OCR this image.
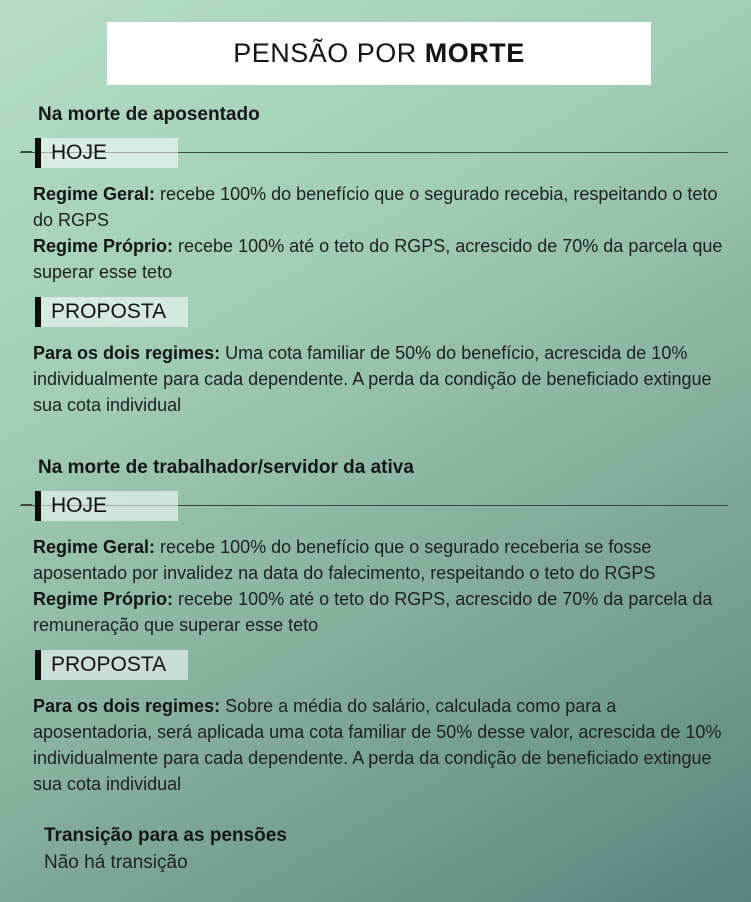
PENSÃO POR MORTE
Na morte de aposentado
HOJE

Regime Geral: recebe 100% do benefício que o segurado recebia, respeitando o teto do RGPS

Regime Próprio: recebe 100% até o teto do RGPS, acrescido de 70% da parcela que superar esse teto

PROPOSTA

Para os dois regimes: Uma cota familiar de 50% do benefício, acrescida de 10% individualmente para cada dependente. A perda da condição de beneficiado extingue sua cota individual

Na morte de trabalhador/servidor da ativa
HOJE

Regime Geral: recebe 100% do benefício que o segurado receberia se fosse aposentado por invalidez na data do falecimento, respeitando o teto do RGPS

Regime Próprio: recebe 100% até o teto do RGPS, acrescido de 70% da parcela da remuneração que superar esse teto

PROPOSTA

Para os dois regimes: Sobre a média do salário, calculada como para a aposentadoria, será aplicada uma cota familiar de 50% desse valor, acrescida de 10% individualmente para cada dependente. A perda da condição de beneficiado extingue sua cota individual

Transição para as pensões

Não há transição
